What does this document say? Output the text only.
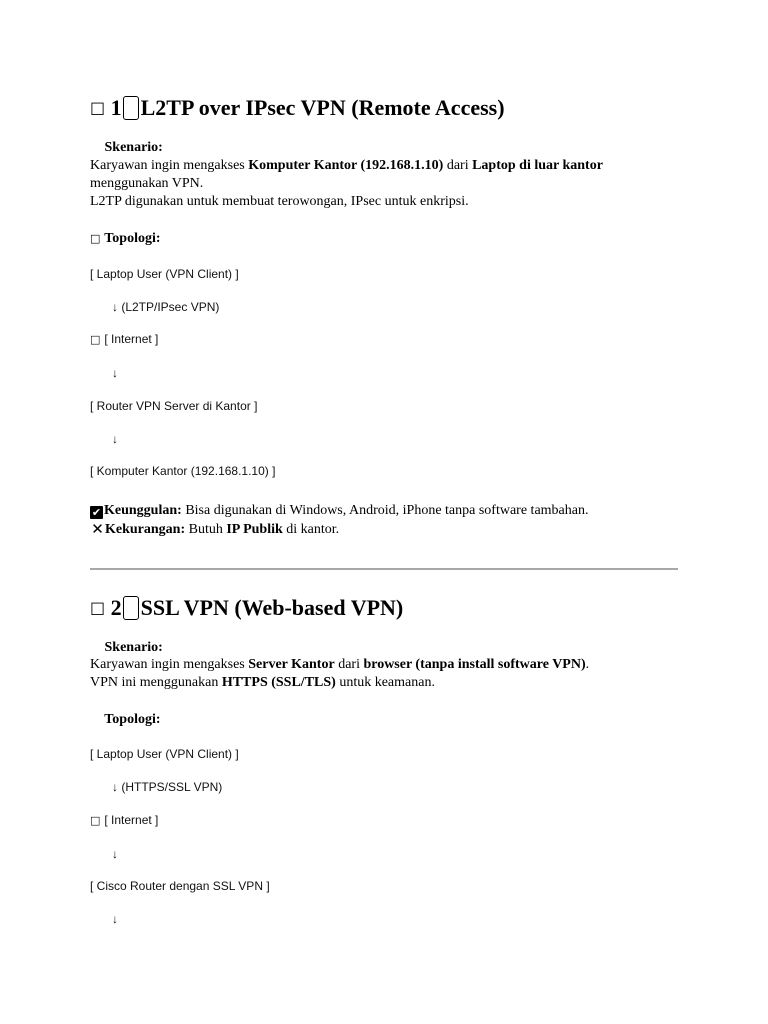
□ 1 L2TP over IPsec VPN (Remote Access)
Skenario:
Karyawan ingin mengakses Komputer Kantor (192.168.1.10) dari Laptop di luar kantor
menggunakan VPN.
L2TP digunakan untuk membuat terowongan, IPsec untuk enkripsi.
□ Topologi:
[ Laptop User (VPN Client) ]
↓ (L2TP/IPsec VPN)
□ [ Internet ]
↓
[ Router VPN Server di Kantor ]
↓
[ Komputer Kantor (192.168.1.10) ]
✔ Keunggulan: Bisa digunakan di Windows, Android, iPhone tanpa software tambahan.
✕Kekurangan: Butuh IP Publik di kantor.
□ 2 SSL VPN (Web-based VPN)
Skenario:
Karyawan ingin mengakses Server Kantor dari browser (tanpa install software VPN).
VPN ini menggunakan HTTPS (SSL/TLS) untuk keamanan.
Topologi:
[ Laptop User (VPN Client) ]
↓ (HTTPS/SSL VPN)
□ [ Internet ]
↓
[ Cisco Router dengan SSL VPN ]
↓
